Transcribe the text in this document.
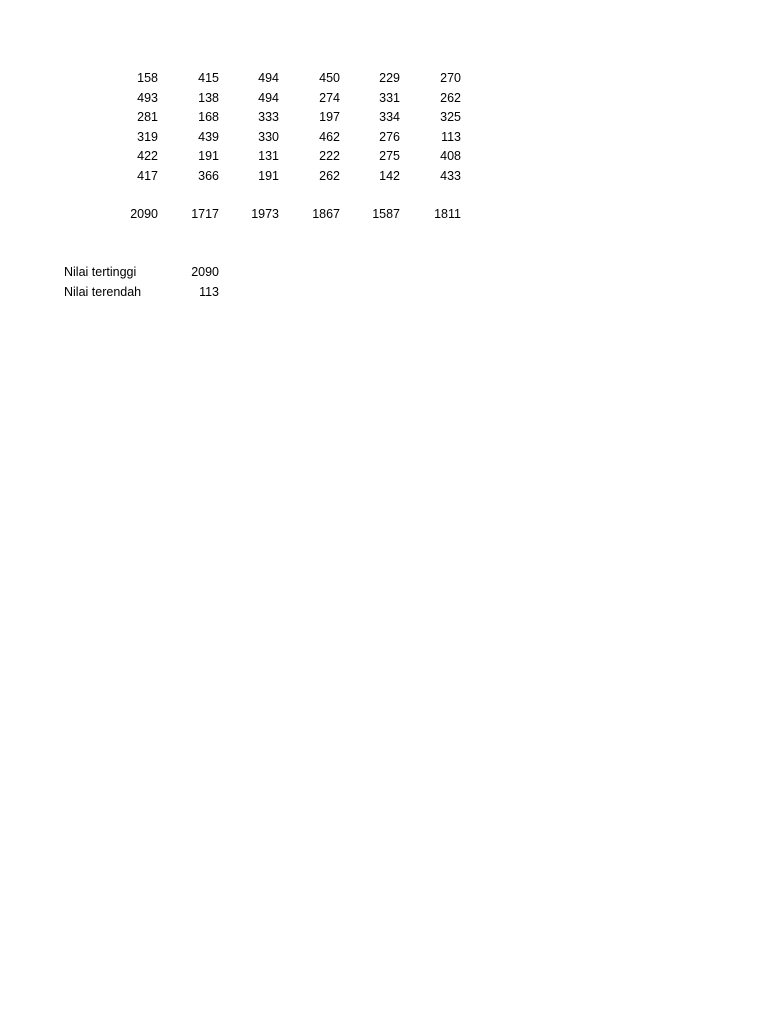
158	415	494	450	229	270
493	138	494	274	331	262
281	168	333	197	334	325
319	439	330	462	276	113
422	191	131	222	275	408
417	366	191	262	142	433
2090	1717	1973	1867	1587	1811
Nilai tertinggi	2090
Nilai terendah	113
